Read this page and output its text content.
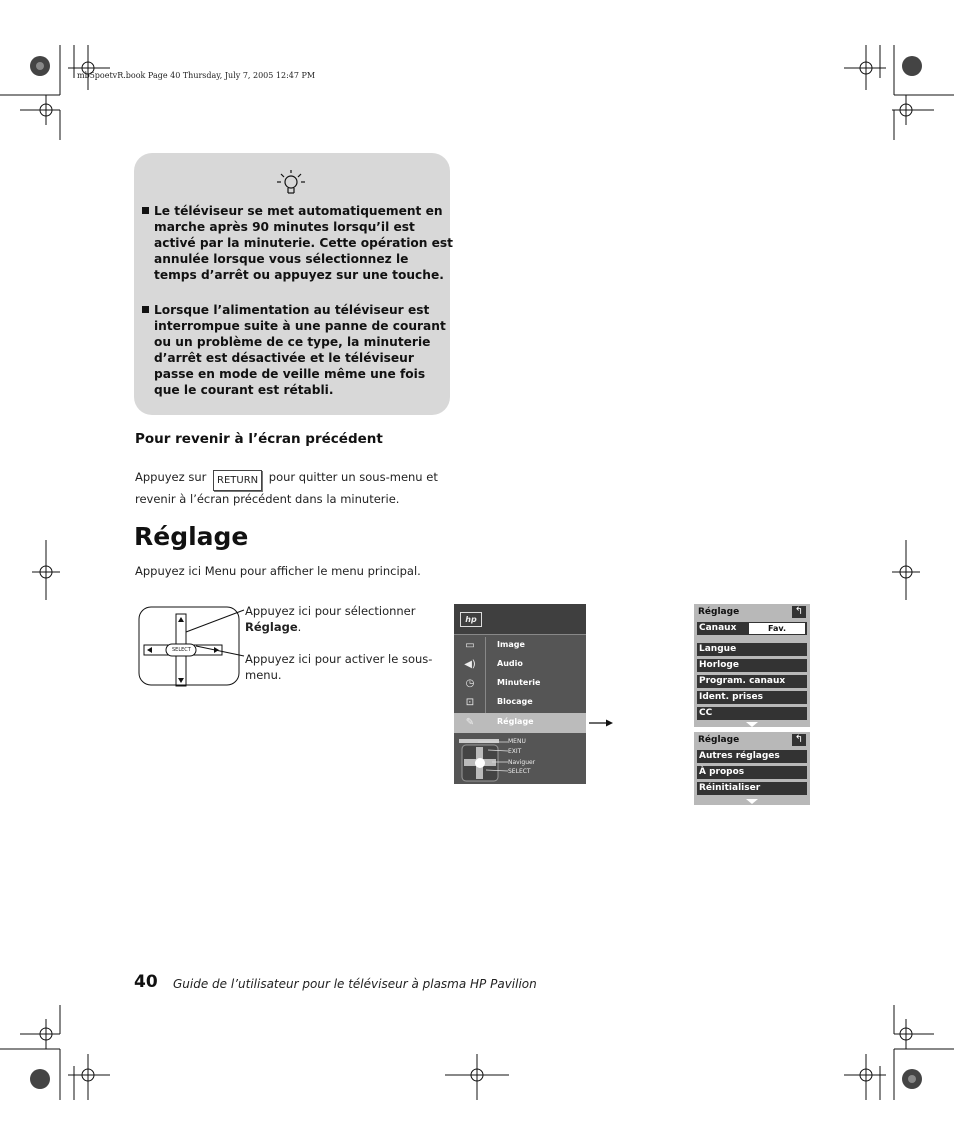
mb5poetvR.book Page 40 Thursday, July 7, 2005 12:47 PM
Le téléviseur se met automatiquement en marche après 90 minutes lorsqu’il est activé par la minuterie. Cette opération est annulée lorsque vous sélectionnez le temps d’arrêt ou appuyez sur une touche.
Lorsque l’alimentation au téléviseur est interrompue suite à une panne de courant ou un problème de ce type, la minuterie d’arrêt est désactivée et le téléviseur passe en mode de veille même une fois que le courant est rétabli.
Pour revenir à l’écran précédent
Appuyez sur RETURN pour quitter un sous-menu et
revenir à l’écran précédent dans la minuterie.
Réglage
Appuyez ici Menu pour afficher le menu principal.
SELECT
Appuyez ici pour sélectionner
Réglage.
Appuyez ici pour activer le sous-
menu.
hp
▭	Image
◀)	Audio
◷	Minuterie
⊡	Blocage
✎	Réglage
MENU
EXIT
Naviguer
SELECT
Réglage	↰
Canaux	Fav.
Langue
Horloge
Program. canaux
Ident. prises
CC
Réglage	↰
Autres réglages
À propos
Réinitialiser
40 Guide de l’utilisateur pour le téléviseur à plasma HP Pavilion
